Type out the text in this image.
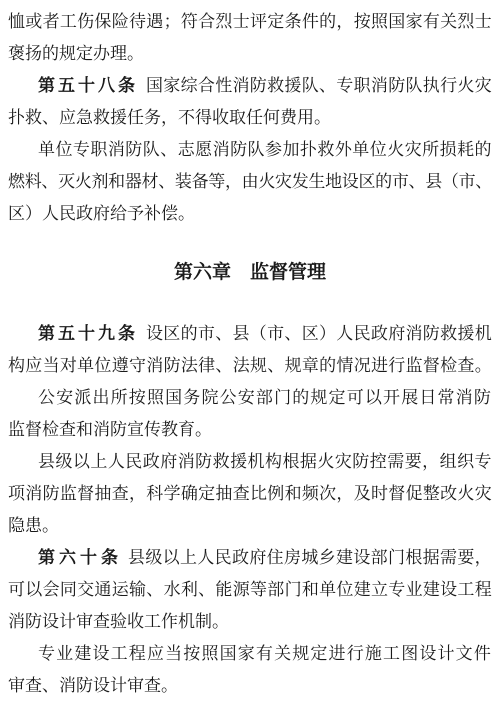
恤或者工伤保险待遇；符合烈士评定条件的，按照国家有关烈士
褒扬的规定办理。
第五十八条 国家综合性消防救援队、专职消防队执行火灾
扑救、应急救援任务，不得收取任何费用。
单位专职消防队、志愿消防队参加扑救外单位火灾所损耗的
燃料、灭火剂和器材、装备等，由火灾发生地设区的市、县（市、
区）人民政府给予补偿。
第六章　监督管理
第五十九条 设区的市、县（市、区）人民政府消防救援机
构应当对单位遵守消防法律、法规、规章的情况进行监督检查。
公安派出所按照国务院公安部门的规定可以开展日常消防
监督检查和消防宣传教育。
县级以上人民政府消防救援机构根据火灾防控需要，组织专
项消防监督抽查，科学确定抽查比例和频次，及时督促整改火灾
隐患。
第六十条 县级以上人民政府住房城乡建设部门根据需要，
可以会同交通运输、水利、能源等部门和单位建立专业建设工程
消防设计审查验收工作机制。
专业建设工程应当按照国家有关规定进行施工图设计文件
审查、消防设计审查。
